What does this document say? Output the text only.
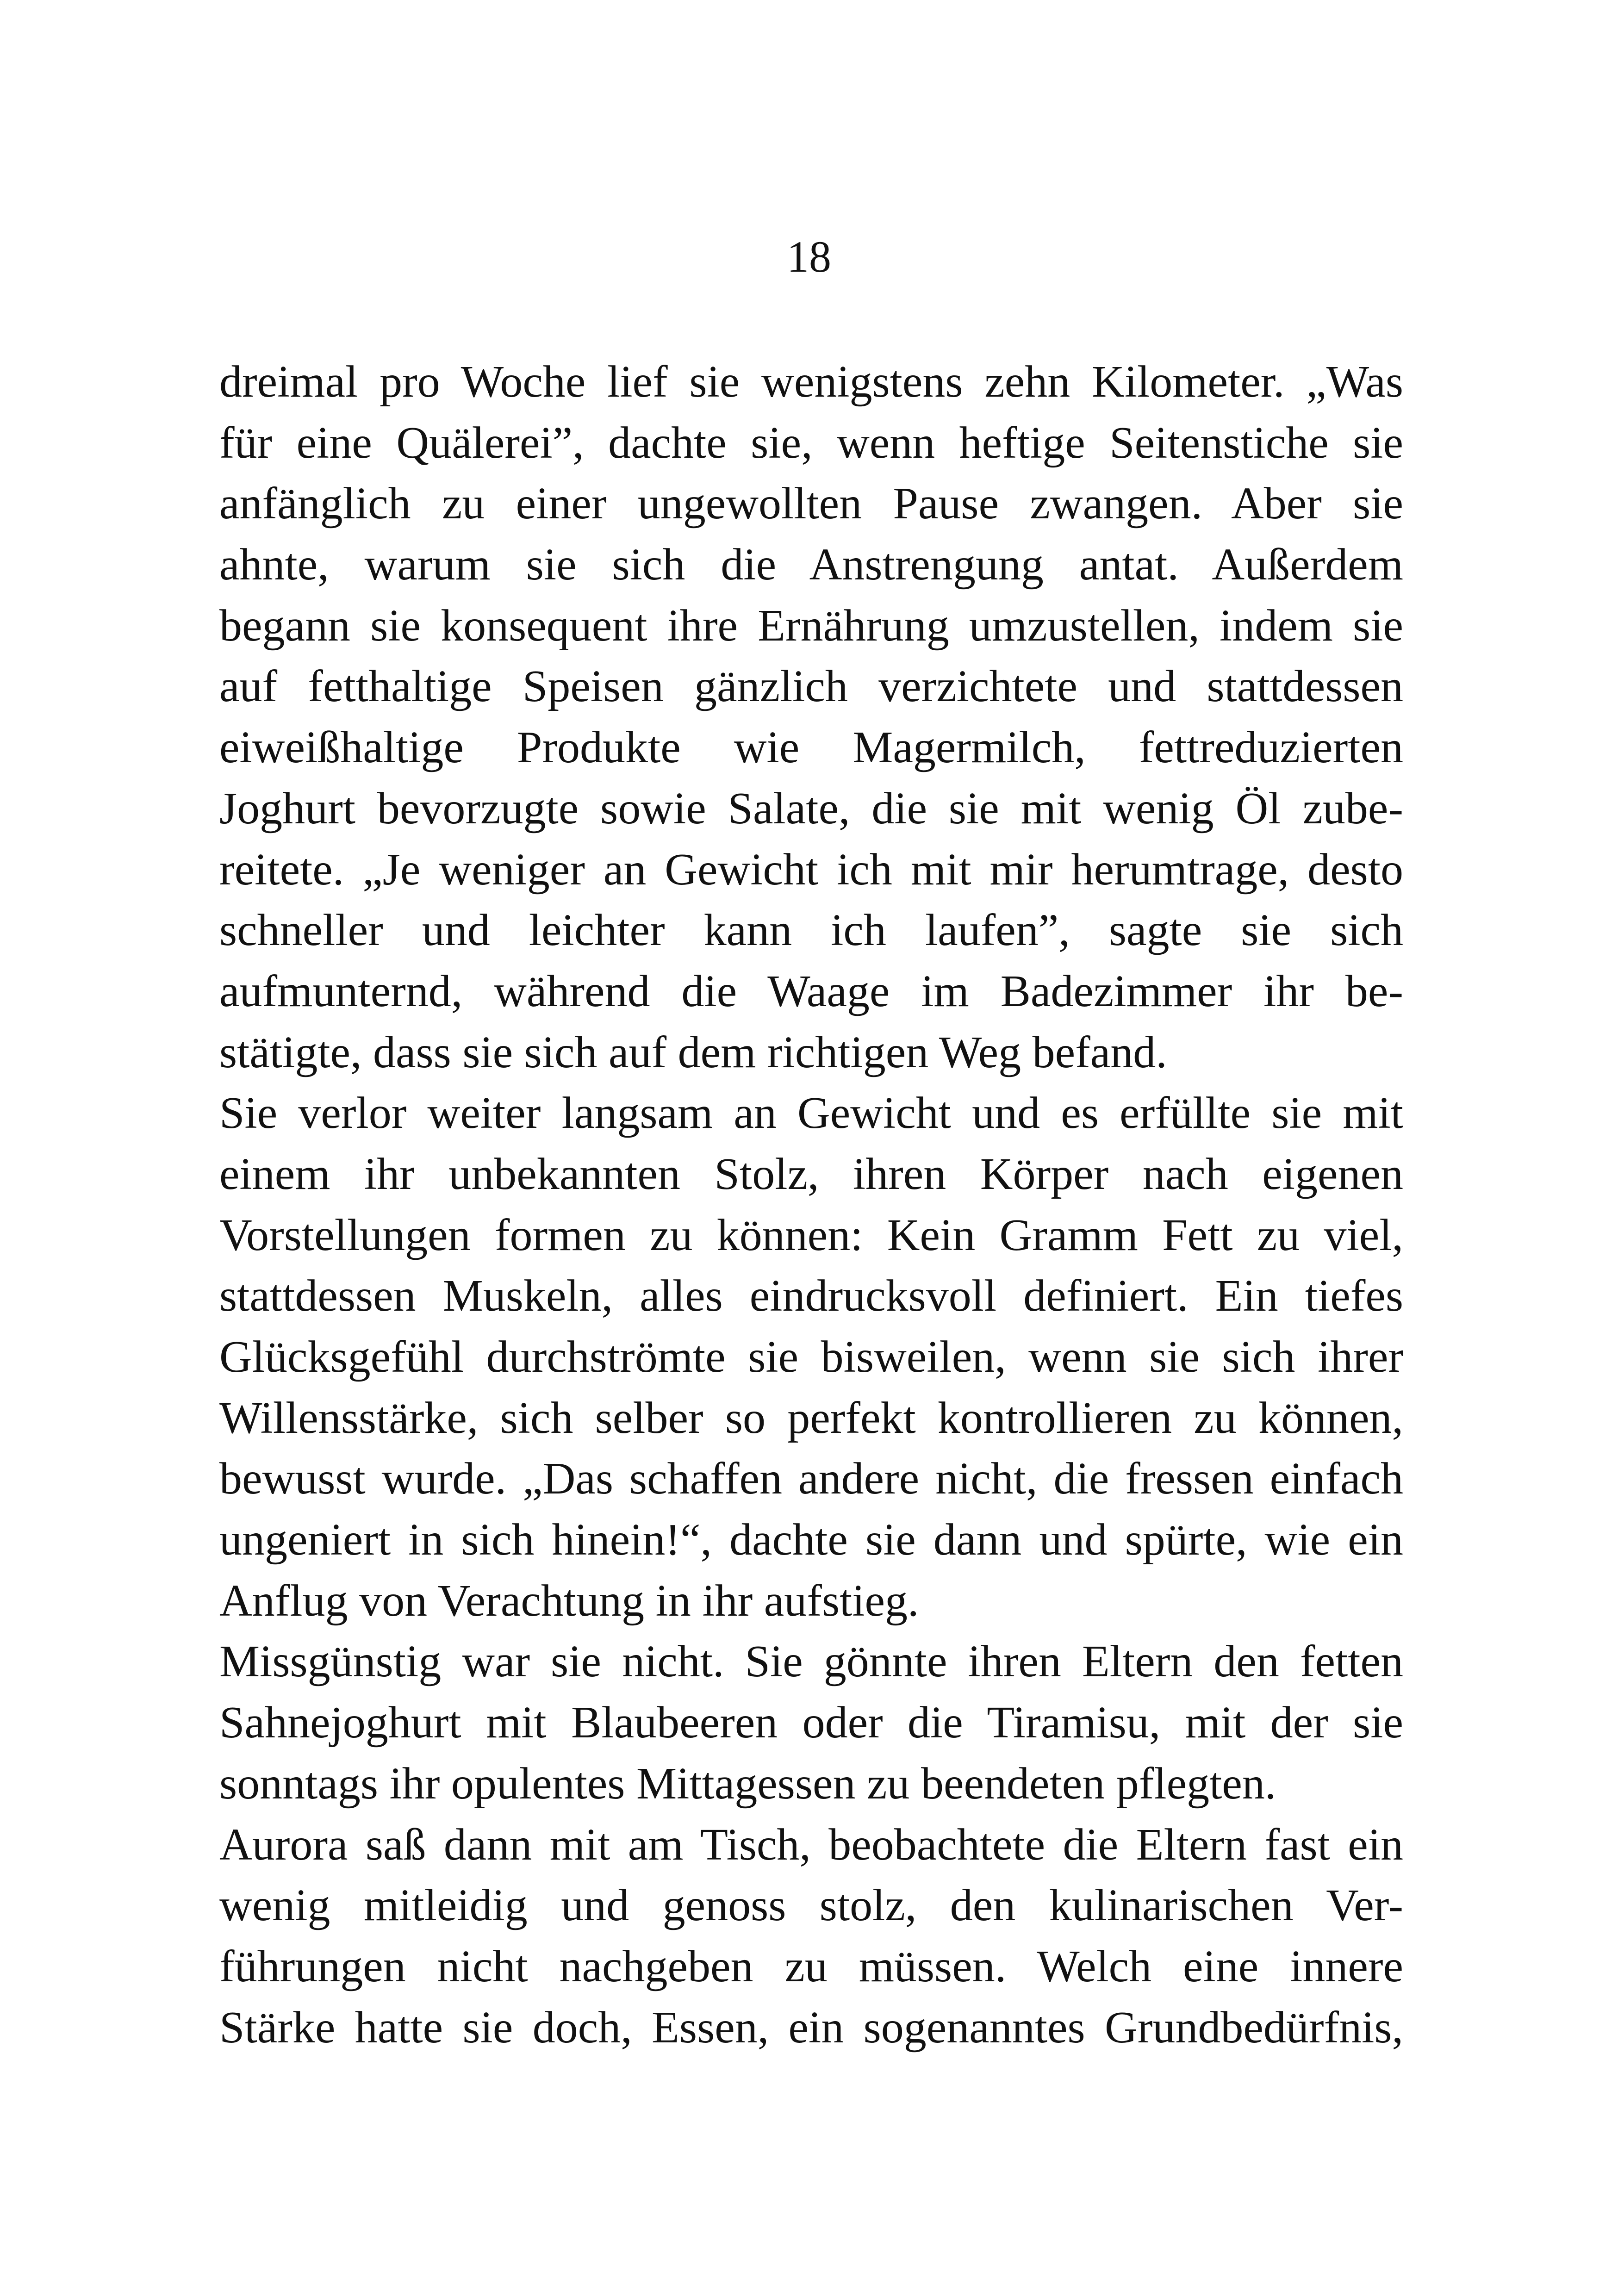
18
dreimal pro Woche lief sie wenigstens zehn Kilometer. „Was
für eine Quälerei”, dachte sie, wenn heftige Seitenstiche sie
anfänglich zu einer ungewollten Pause zwangen. Aber sie
ahnte, warum sie sich die Anstrengung antat. Außerdem
begann sie konsequent ihre Ernährung umzustellen, indem sie
auf fetthaltige Speisen gänzlich verzichtete und stattdessen
eiweißhaltige Produkte wie Magermilch, fettreduzierten
Joghurt bevorzugte sowie Salate, die sie mit wenig Öl zube-
reitete. „Je weniger an Gewicht ich mit mir herumtrage, desto
schneller und leichter kann ich laufen”, sagte sie sich
aufmunternd, während die Waage im Badezimmer ihr be-
stätigte, dass sie sich auf dem richtigen Weg befand.
Sie verlor weiter langsam an Gewicht und es erfüllte sie mit
einem ihr unbekannten Stolz, ihren Körper nach eigenen
Vorstellungen formen zu können: Kein Gramm Fett zu viel,
stattdessen Muskeln, alles eindrucksvoll definiert. Ein tiefes
Glücksgefühl durchströmte sie bisweilen, wenn sie sich ihrer
Willensstärke, sich selber so perfekt kontrollieren zu können,
bewusst wurde. „Das schaffen andere nicht, die fressen einfach
ungeniert in sich hinein!“, dachte sie dann und spürte, wie ein
Anflug von Verachtung in ihr aufstieg.
Missgünstig war sie nicht. Sie gönnte ihren Eltern den fetten
Sahnejoghurt mit Blaubeeren oder die Tiramisu, mit der sie
sonntags ihr opulentes Mittagessen zu beendeten pflegten.
Aurora saß dann mit am Tisch, beobachtete die Eltern fast ein
wenig mitleidig und genoss stolz, den kulinarischen Ver-
führungen nicht nachgeben zu müssen. Welch eine innere
Stärke hatte sie doch, Essen, ein sogenanntes Grundbedürfnis,
